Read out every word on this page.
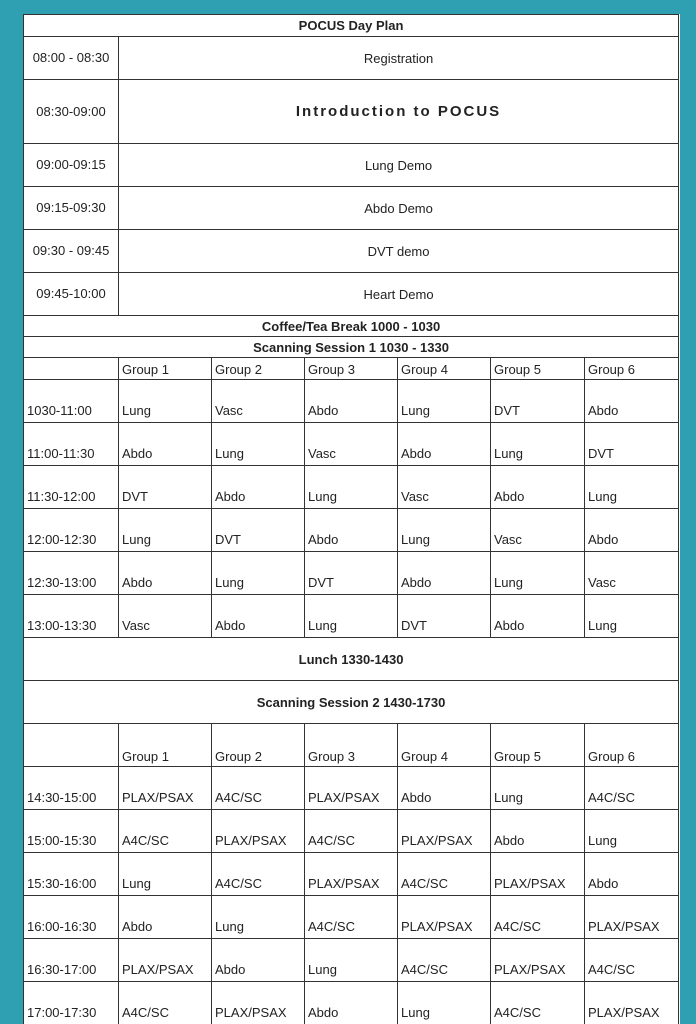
POCUS Day Plan						
08:00 - 08:30	Registration					
08:30-09:00	Introduction to POCUS					
09:00-09:15	Lung Demo					
09:15-09:30	Abdo Demo					
09:30 - 09:45	DVT demo					
09:45-10:00	Heart Demo					
Coffee/Tea Break 1000 - 1030						
Scanning Session 1 1030 - 1330						
	Group 1	Group 2	Group 3	Group 4	Group 5	Group 6
1030-11:00	Lung	Vasc	Abdo	Lung	DVT	Abdo
11:00-11:30	Abdo	Lung	Vasc	Abdo	Lung	DVT
11:30-12:00	DVT	Abdo	Lung	Vasc	Abdo	Lung
12:00-12:30	Lung	DVT	Abdo	Lung	Vasc	Abdo
12:30-13:00	Abdo	Lung	DVT	Abdo	Lung	Vasc
13:00-13:30	Vasc	Abdo	Lung	DVT	Abdo	Lung
Lunch 1330-1430						
Scanning Session 2 1430-1730						
	Group 1	Group 2	Group 3	Group 4	Group 5	Group 6
14:30-15:00	PLAX/PSAX	A4C/SC	PLAX/PSAX	Abdo	Lung	A4C/SC
15:00-15:30	A4C/SC	PLAX/PSAX	A4C/SC	PLAX/PSAX	Abdo	Lung
15:30-16:00	Lung	A4C/SC	PLAX/PSAX	A4C/SC	PLAX/PSAX	Abdo
16:00-16:30	Abdo	Lung	A4C/SC	PLAX/PSAX	A4C/SC	PLAX/PSAX
16:30-17:00	PLAX/PSAX	Abdo	Lung	A4C/SC	PLAX/PSAX	A4C/SC
17:00-17:30	A4C/SC	PLAX/PSAX	Abdo	Lung	A4C/SC	PLAX/PSAX
